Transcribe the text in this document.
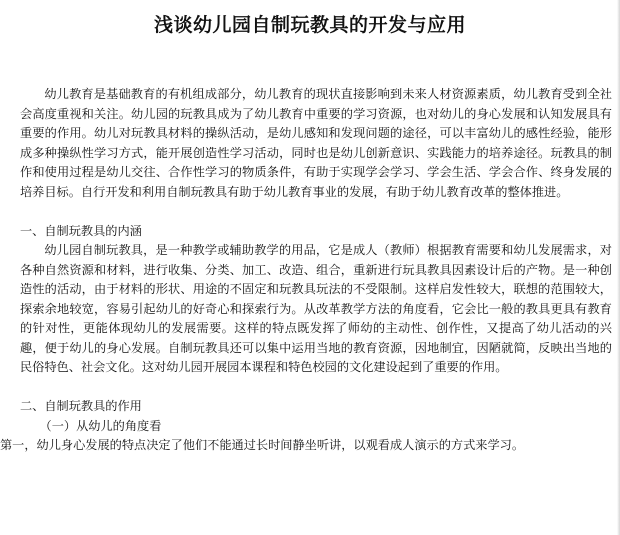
浅谈幼儿园自制玩教具的开发与应用

幼儿教育是基础教育的有机组成部分，幼儿教育的现状直接影响到未来人材资源素质，幼儿教育受到全社会高度重视和关注。幼儿园的玩教具成为了幼儿教育中重要的学习资源，也对幼儿的身心发展和认知发展具有重要的作用。幼儿对玩教具材料的操纵活动，是幼儿感知和发现问题的途径，可以丰富幼儿的感性经验，能形成多种操纵性学习方式，能开展创造性学习活动，同时也是幼儿创新意识、实践能力的培养途径。玩教具的制作和使用过程是幼儿交往、合作性学习的物质条件，有助于实现学会学习、学会生活、学会合作、终身发展的培养目标。自行开发和利用自制玩教具有助于幼儿教育事业的发展，有助于幼儿教育改革的整体推进。

一、自制玩教具的内涵

幼儿园自制玩教具，是一种教学或辅助教学的用品，它是成人（教师）根据教育需要和幼儿发展需求，对各种自然资源和材料，进行收集、分类、加工、改造、组合，重新进行玩具教具因素设计后的产物。是一种创造性的活动，由于材料的形状、用途的不固定和玩教具玩法的不受限制。这样启发性较大，联想的范围较大，探索余地较宽，容易引起幼儿的好奇心和探索行为。从改革教学方法的角度看，它会比一般的教具更具有教育的针对性，更能体现幼儿的发展需要。这样的特点既发挥了师幼的主动性、创作性，又提高了幼儿活动的兴趣，便于幼儿的身心发展。自制玩教具还可以集中运用当地的教育资源，因地制宜，因陋就简，反映出当地的民俗特色、社会文化。这对幼儿园开展园本课程和特色校园的文化建设起到了重要的作用。

二、自制玩教具的作用

（一）从幼儿的角度看

第一，幼儿身心发展的特点决定了他们不能通过长时间静坐听讲，以观看成人演示的方式来学习。
